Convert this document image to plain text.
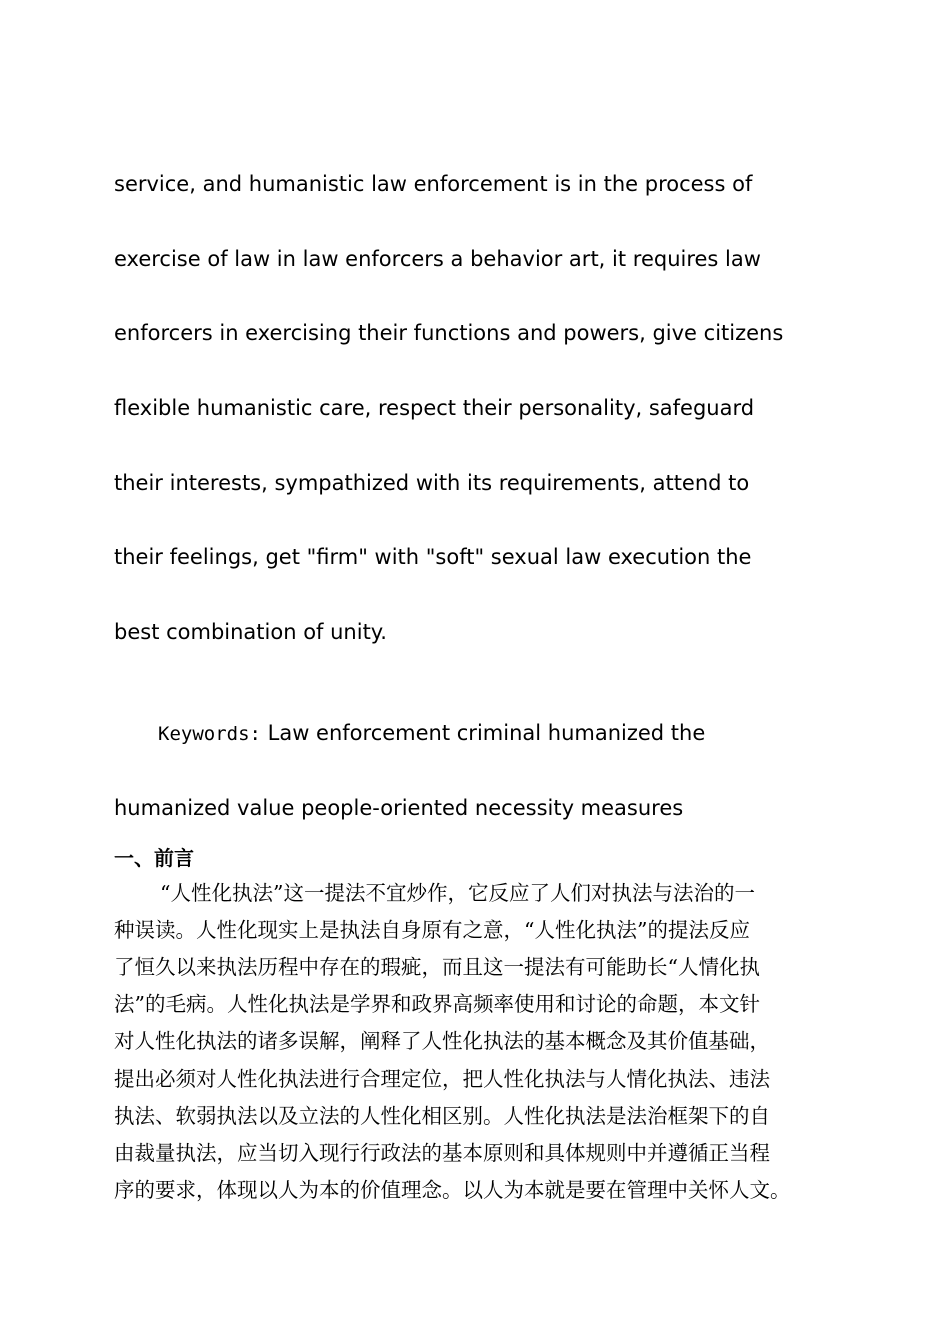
service, and humanistic law enforcement is in the process of
exercise of law in law enforcers a behavior art, it requires law
enforcers in exercising their functions and powers, give citizens
flexible humanistic care, respect their personality, safeguard
their interests, sympathized with its requirements, attend to
their feelings, get "firm" with "soft" sexual law execution the
best combination of unity.
Keywords: Law enforcement criminal humanized the
humanized value people-oriented necessity measures
一、前言
“人性化执法”这一提法不宜炒作，它反应了人们对执法与法治的一
种误读。人性化现实上是执法自身原有之意，“人性化执法”的提法反应
了恒久以来执法历程中存在的瑕疵，而且这一提法有可能助长“人情化执
法”的毛病。人性化执法是学界和政界高频率使用和讨论的命题，本文针
对人性化执法的诸多误解，阐释了人性化执法的基本概念及其价值基础，
提出必须对人性化执法进行合理定位，把人性化执法与人情化执法、违法
执法、软弱执法以及立法的人性化相区别。人性化执法是法治框架下的自
由裁量执法，应当切入现行行政法的基本原则和具体规则中并遵循正当程
序的要求，体现以人为本的价值理念。以人为本就是要在管理中关怀人文。
